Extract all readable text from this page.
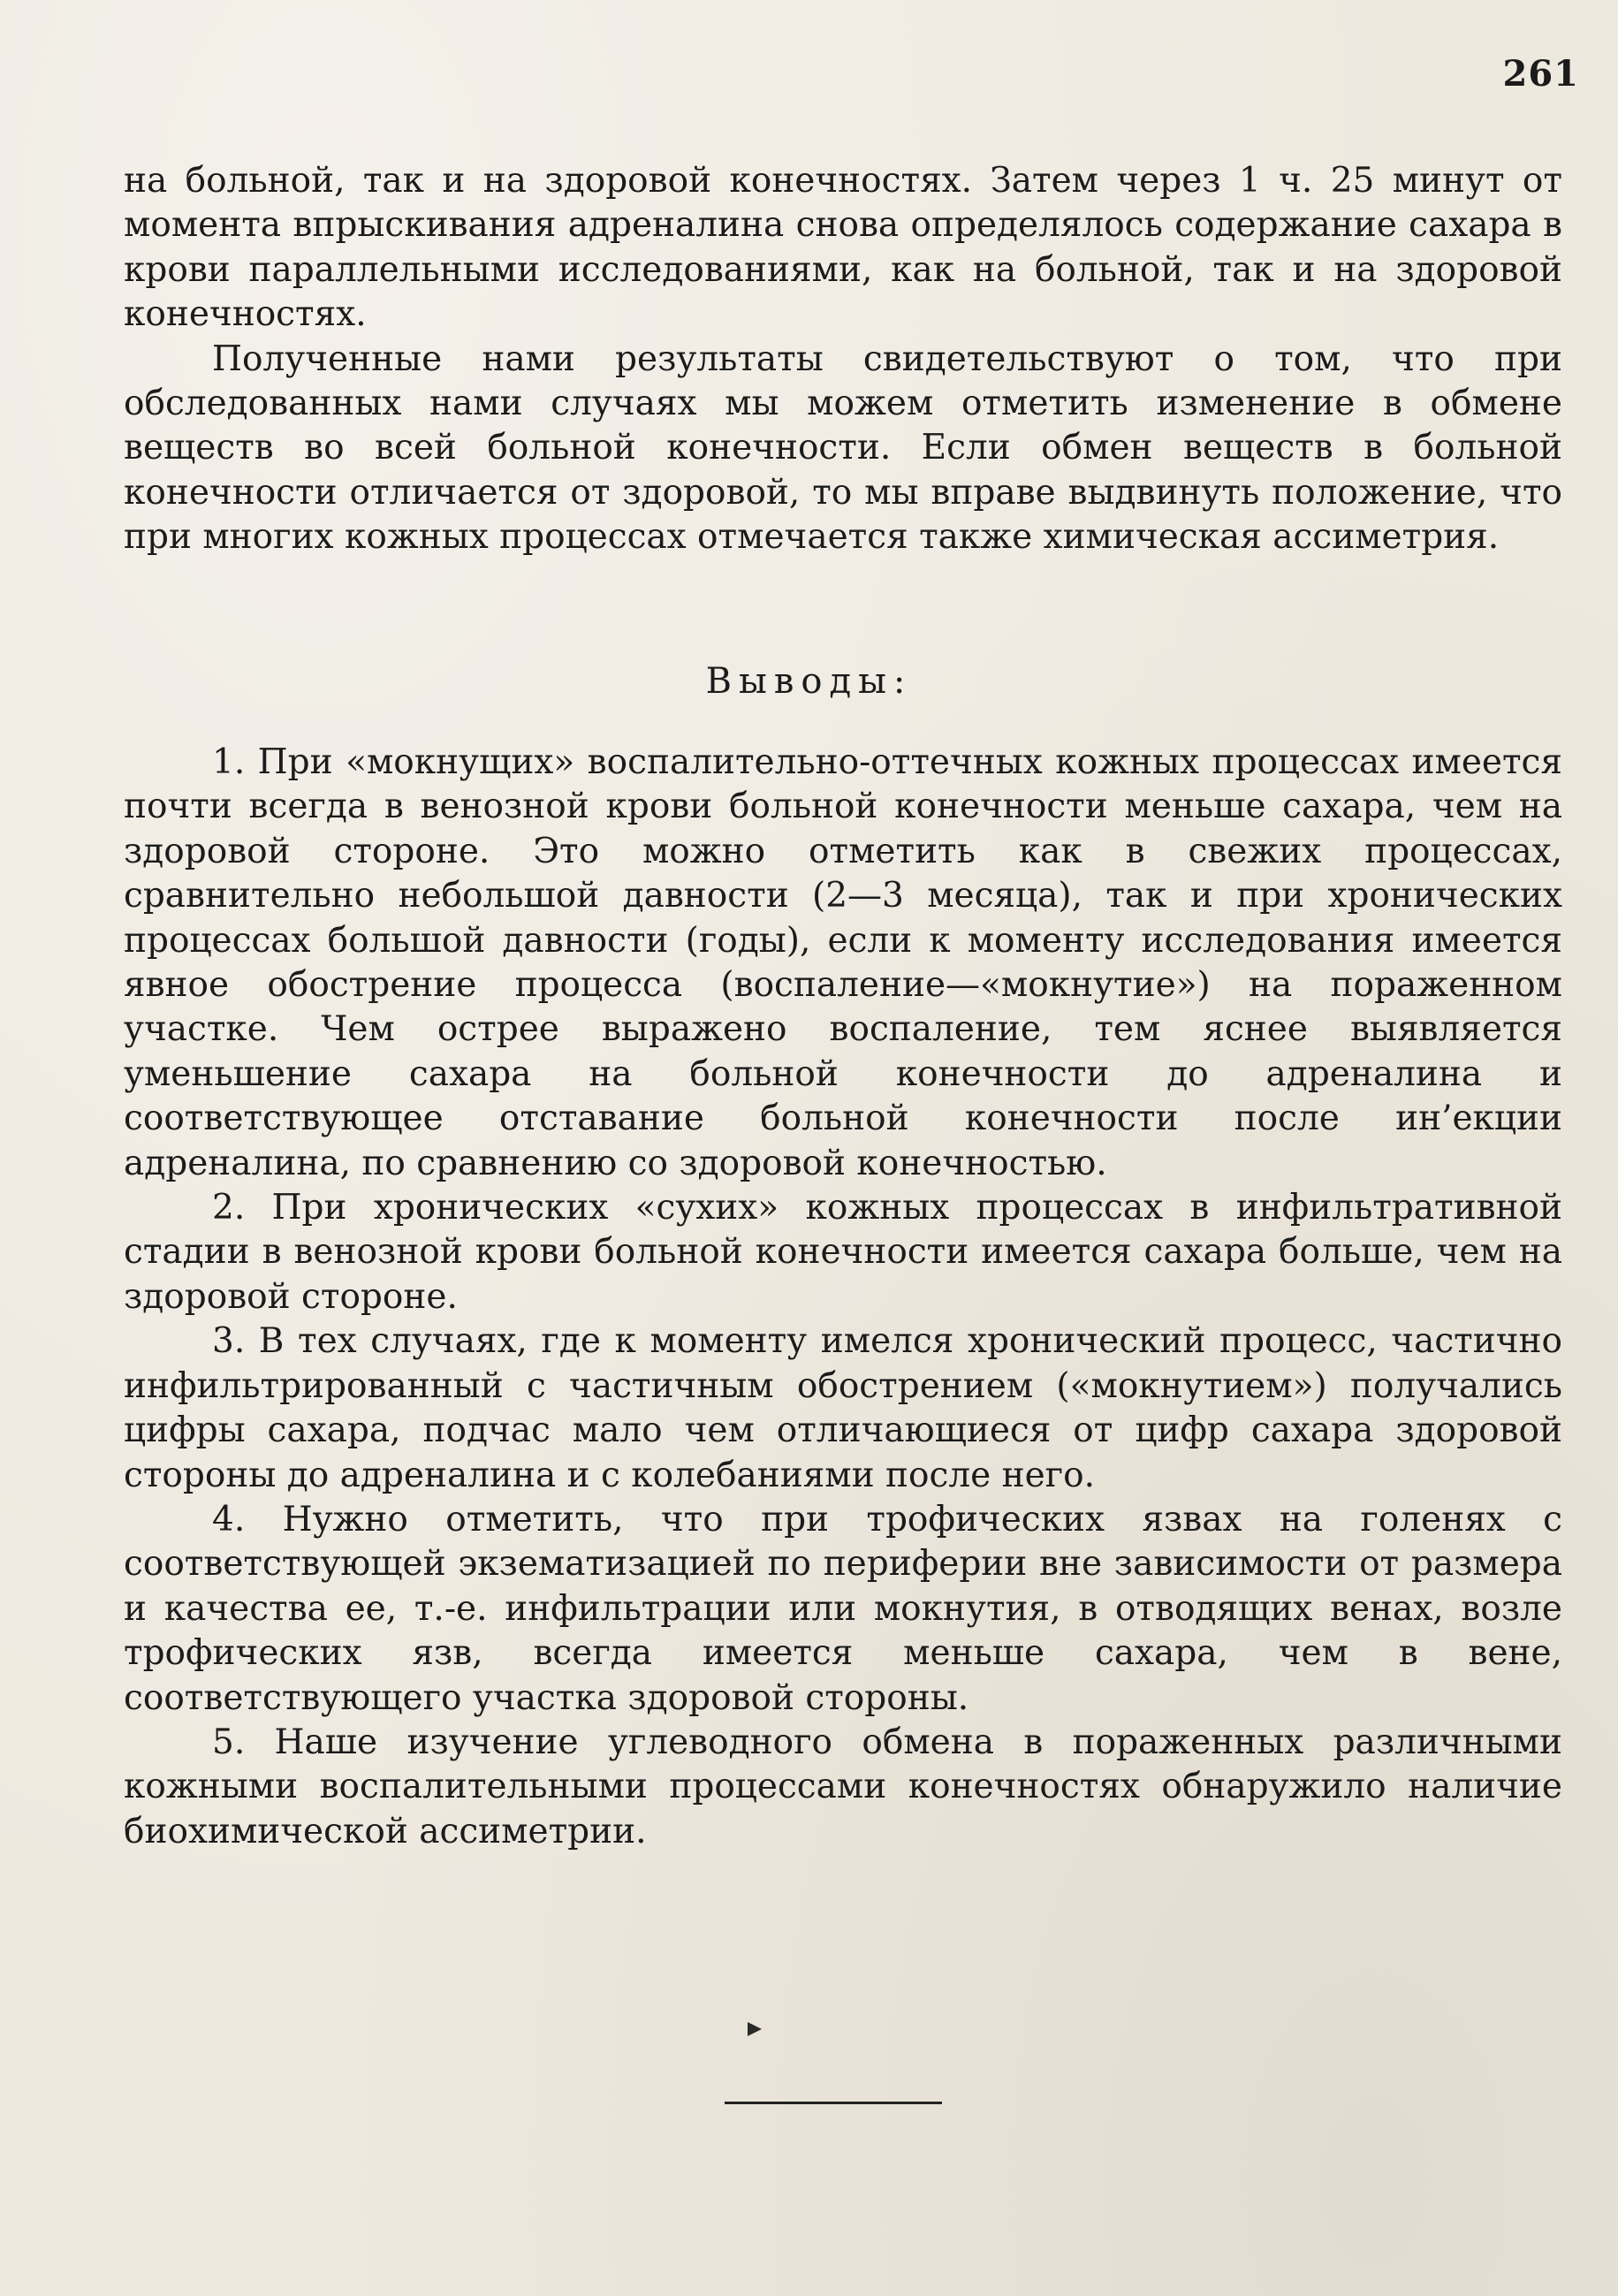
261

на больной, так и на здоровой конечностях. Затем через 1 ч. 25 минут от момента впрыскивания адреналина снова определялось содержание сахара в крови параллельными исследованиями, как на больной, так и на здоровой конечностях.

Полученные нами результаты свидетельствуют о том, что при обследованных нами случаях мы можем отметить изменение в обмене веществ во всей больной конечности. Если обмен веществ в больной конечности отличается от здоровой, то мы вправе выдвинуть положение, что при многих кожных процессах отмечается также химическая ассиметрия.

Выводы:

1. При «мокнущих» воспалительно-оттечных кожных процессах имеется почти всегда в венозной крови больной конечности меньше сахара, чем на здоровой стороне. Это можно отметить как в свежих процессах, сравнительно небольшой давности (2—3 месяца), так и при хронических процессах большой давности (годы), если к моменту исследования имеется явное обострение процесса (воспаление—«мокнутие») на пораженном участке. Чем острее выражено воспаление, тем яснее выявляется уменьшение сахара на больной конечности до адреналина и соответствующее отставание больной конечности после ин’екции адреналина, по сравнению со здоровой конечностью.

2. При хронических «сухих» кожных процессах в инфильтративной стадии в венозной крови больной конечности имеется сахара больше, чем на здоровой стороне.

3. В тех случаях, где к моменту имелся хронический процесс, частично инфильтрированный с частичным обострением («мокнутием») получались цифры сахара, подчас мало чем отличающиеся от цифр сахара здоровой стороны до адреналина и с колебаниями после него.

4. Нужно отметить, что при трофических язвах на голенях с соответствующей экзематизацией по периферии вне зависимости от размера и качества ее, т.-е. инфильтрации или мокнутия, в отводящих венах, возле трофических язв, всегда имеется меньше сахара, чем в вене, соответствующего участка здоровой стороны.

5. Наше изучение углеводного обмена в пораженных различными кожными воспалительными процессами конечностях обнаружило наличие биохимической ассиметрии.
